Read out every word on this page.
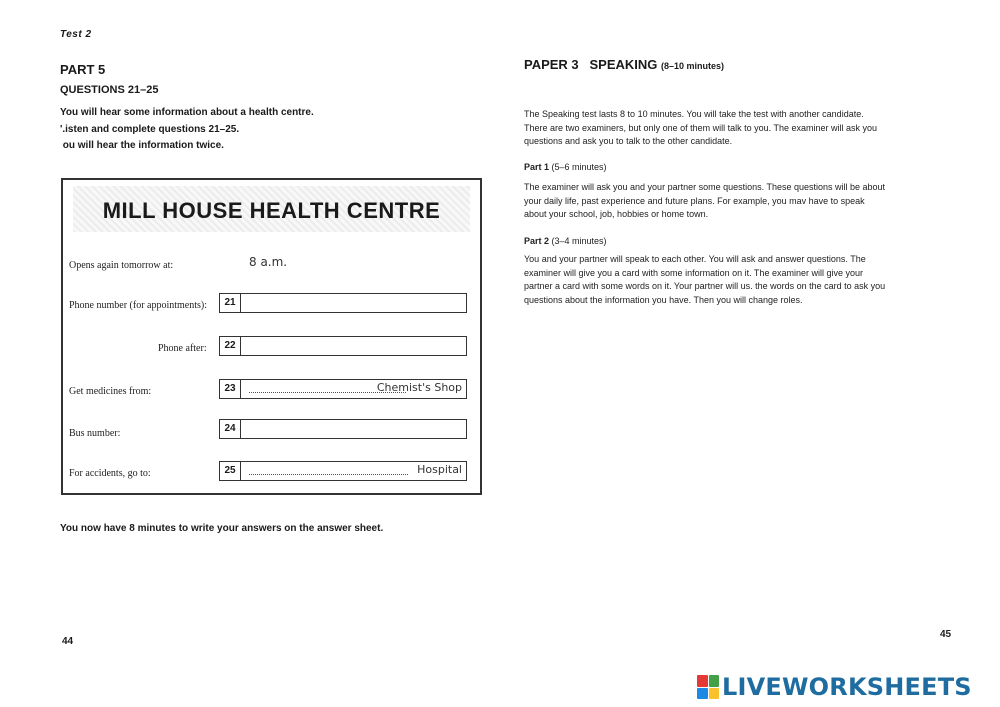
Test 2
PART 5
QUESTIONS 21–25
You will hear some information about a health centre.
'.isten and complete questions 21–25.
ou will hear the information twice.
MILL HOUSE HEALTH CENTRE
Opens again tomorrow at:	8 a.m.
Phone number (for appointments):	21
Phone after:	22
Get medicines from:	23	Chemist's Shop
Bus number:	24
For accidents, go to:	25	Hospital
You now have 8 minutes to write your answers on the answer sheet.
44
PAPER 3   SPEAKING (8–10 minutes)
The Speaking test lasts 8 to 10 minutes. You will take the test with another candidate. There are two examiners, but only one of them will talk to you. The examiner will ask you questions and ask you to talk to the other candidate.
Part 1 (5–6 minutes)
The examiner will ask you and your partner some questions. These questions will be about your daily life, past experience and future plans. For example, you mav have to speak about your school, job, hobbies or home town.
Part 2 (3–4 minutes)
You and your partner will speak to each other. You will ask and answer questions. The examiner will give you a card with some information on it. The examiner will give your partner a card with some words on it. Your partner will us. the words on the card to ask you questions about the information you have. Then you will change roles.
45
LIVEWORKSHEETS
